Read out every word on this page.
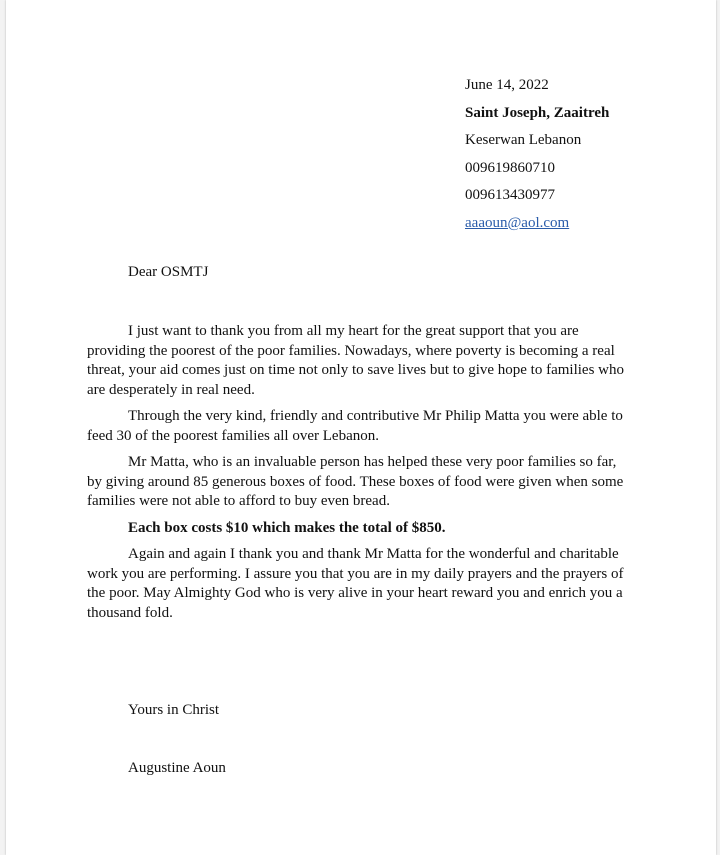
June 14, 2022
Saint Joseph, Zaaitreh
Keserwan Lebanon
009619860710
009613430977
aaaoun@aol.com
Dear OSMTJ

I just want to thank you from all my heart for the great support that you are providing the poorest of the poor families. Nowadays, where poverty is becoming a real threat, your aid comes just on time not only to save lives but to give hope to families who are desperately in real need.

Through the very kind, friendly and contributive Mr Philip Matta you were able to feed 30 of the poorest families all over Lebanon.

Mr Matta, who is an invaluable person has helped these very poor families so far, by giving around 85 generous boxes of food. These boxes of food were given when some families were not able to afford to buy even bread.

Each box costs $10 which makes the total of $850.

Again and again I thank you and thank Mr Matta for the wonderful and charitable work you are performing. I assure you that you are in my daily prayers and the prayers of the poor. May Almighty God who is very alive in your heart reward you and enrich you a thousand fold.

Yours in Christ
Augustine Aoun
